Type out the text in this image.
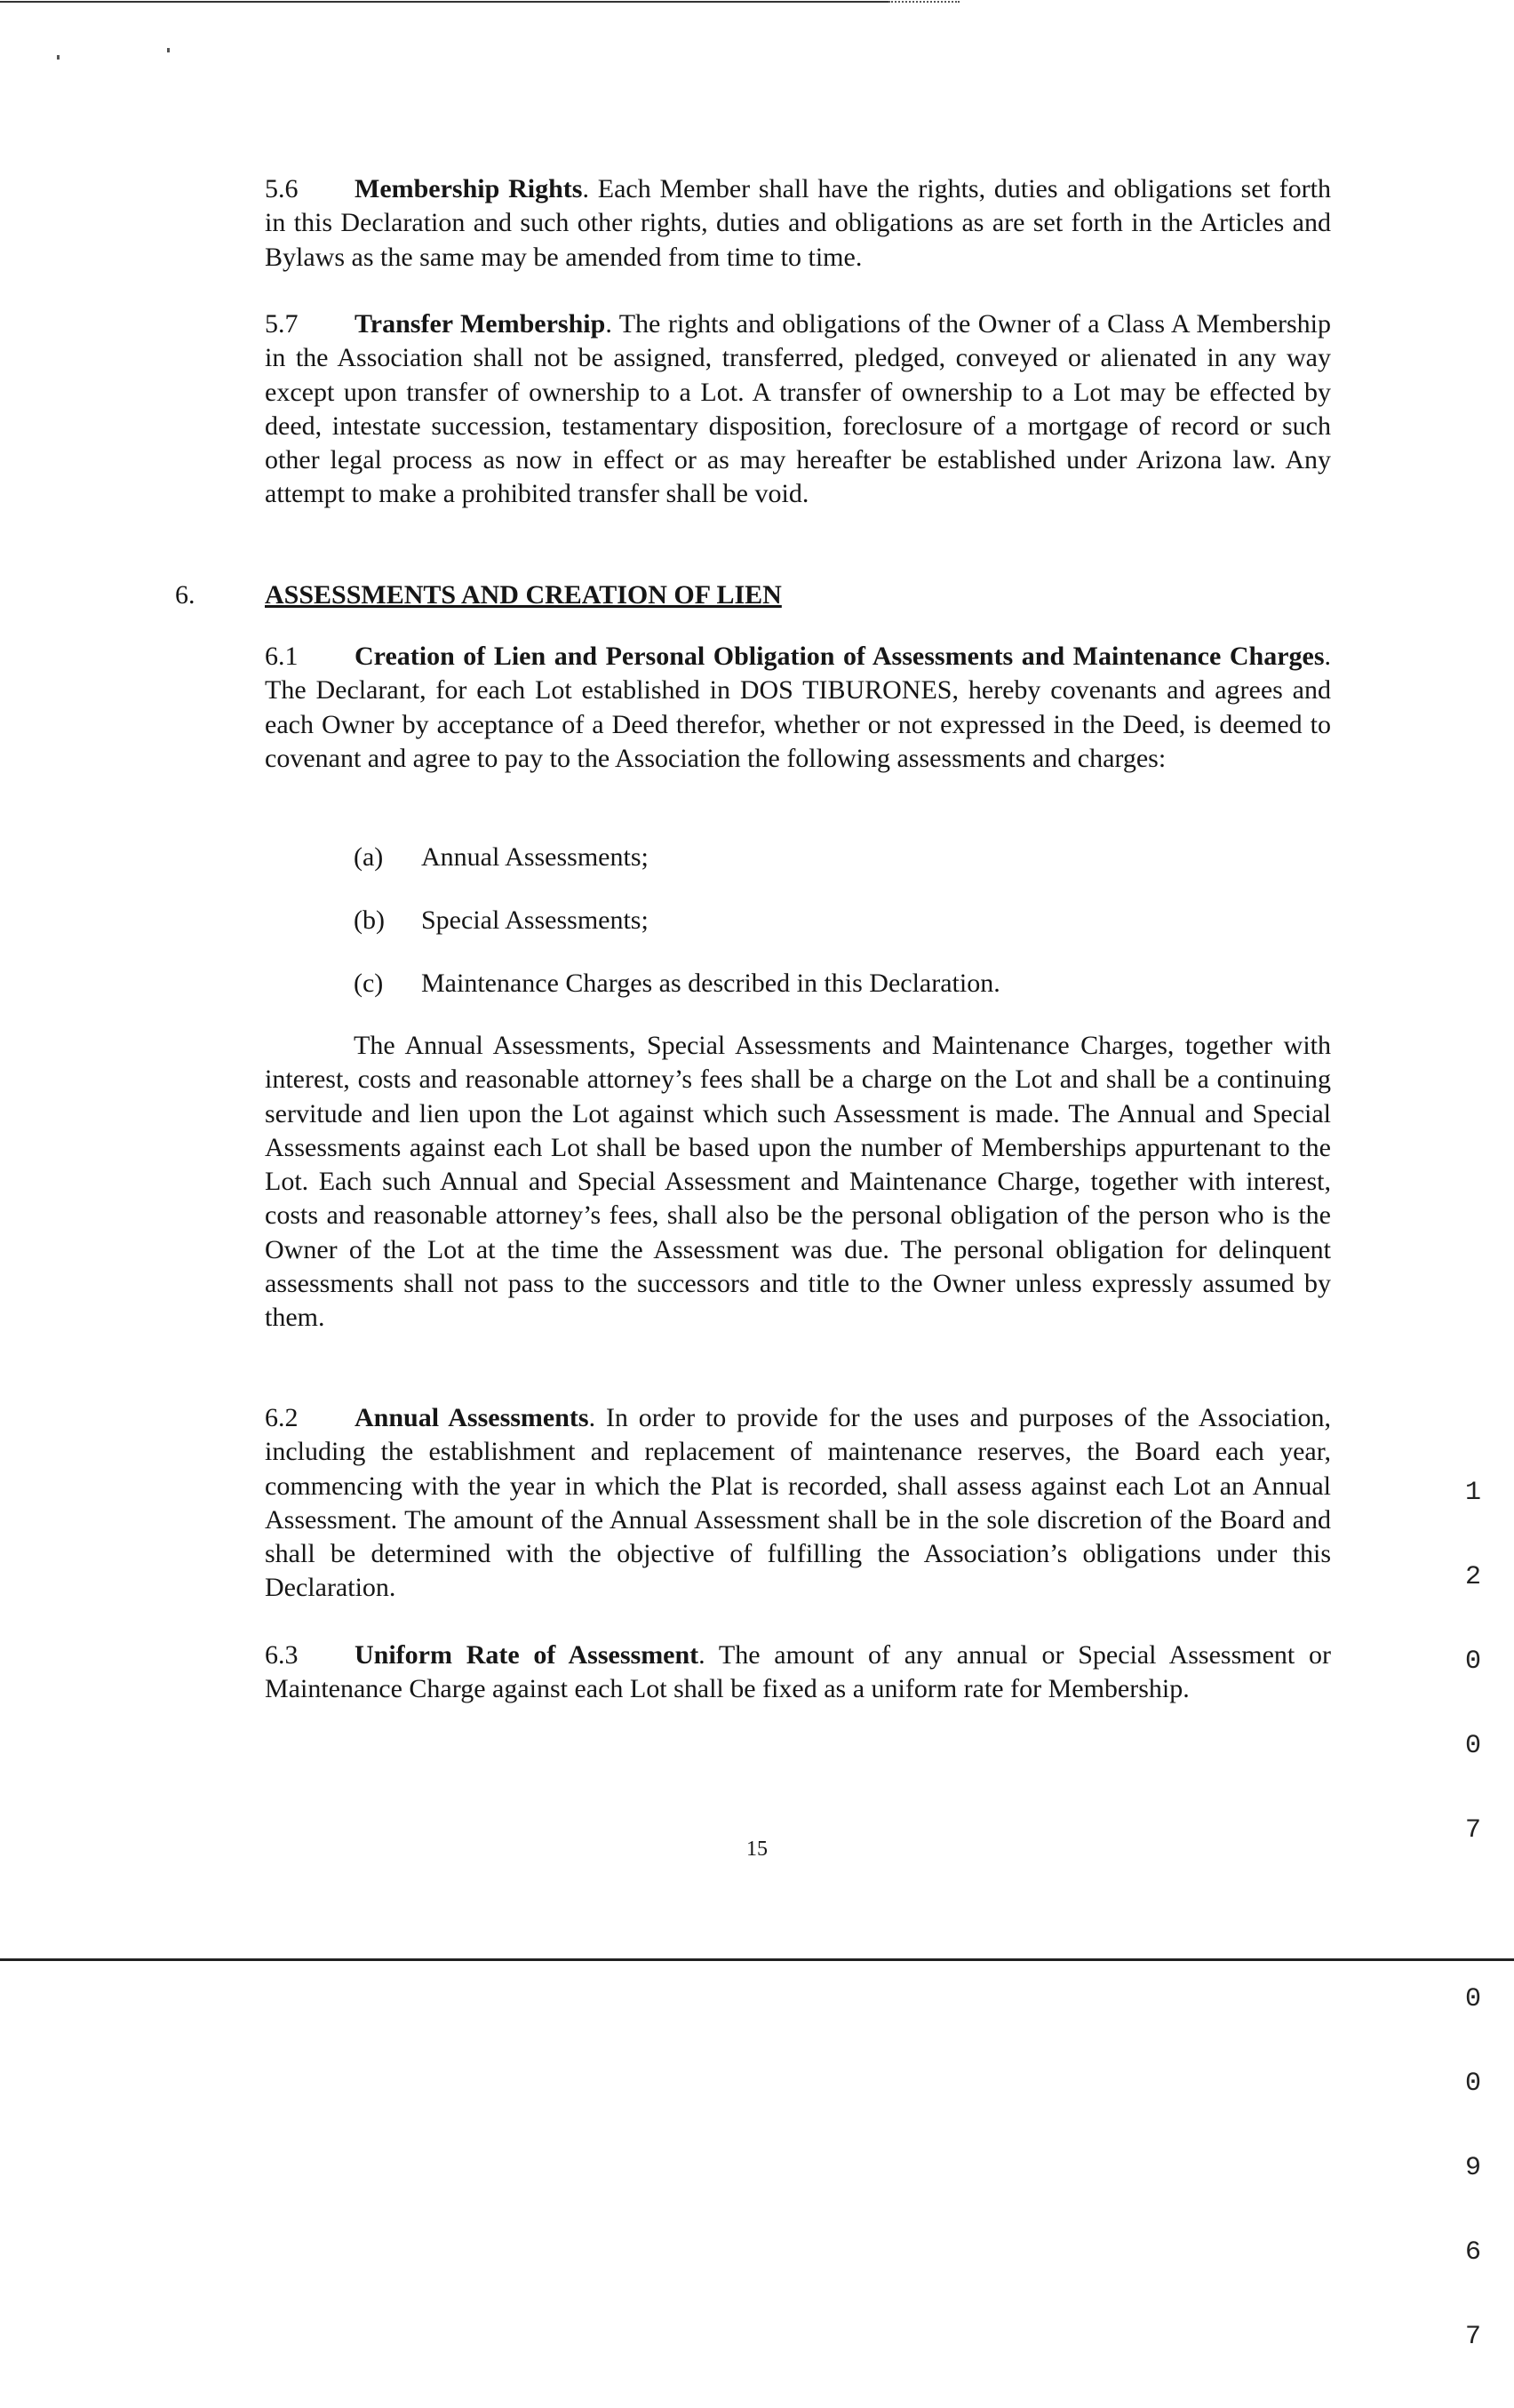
5.6 Membership Rights. Each Member shall have the rights, duties and obligations set forth in this Declaration and such other rights, duties and obligations as are set forth in the Articles and Bylaws as the same may be amended from time to time.

5.7 Transfer Membership. The rights and obligations of the Owner of a Class A Membership in the Association shall not be assigned, transferred, pledged, conveyed or alienated in any way except upon transfer of ownership to a Lot. A transfer of ownership to a Lot may be effected by deed, intestate succession, testamentary disposition, foreclosure of a mortgage of record or such other legal process as now in effect or as may hereafter be established under Arizona law. Any attempt to make a prohibited transfer shall be void.

6.	ASSESSMENTS AND CREATION OF LIEN

6.1 Creation of Lien and Personal Obligation of Assessments and Maintenance Charges. The Declarant, for each Lot established in DOS TIBURONES, hereby covenants and agrees and each Owner by acceptance of a Deed therefor, whether or not expressed in the Deed, is deemed to covenant and agree to pay to the Association the following assessments and charges:

(a) Annual Assessments;
(b) Special Assessments;
(c) Maintenance Charges as described in this Declaration.

The Annual Assessments, Special Assessments and Maintenance Charges, together with interest, costs and reasonable attorney’s fees shall be a charge on the Lot and shall be a continuing servitude and lien upon the Lot against which such Assessment is made. The Annual and Special Assessments against each Lot shall be based upon the number of Memberships appurtenant to the Lot. Each such Annual and Special Assessment and Maintenance Charge, together with interest, costs and reasonable attorney’s fees, shall also be the personal obligation of the person who is the Owner of the Lot at the time the Assessment was due. The personal obligation for delinquent assessments shall not pass to the successors and title to the Owner unless expressly assumed by them.

6.2 Annual Assessments. In order to provide for the uses and purposes of the Association, including the establishment and replacement of maintenance reserves, the Board each year, commencing with the year in which the Plat is recorded, shall assess against each Lot an Annual Assessment. The amount of the Annual Assessment shall be in the sole discretion of the Board and shall be determined with the objective of fulfilling the Association’s obligations under this Declaration.

6.3 Uniform Rate of Assessment. The amount of any annual or Special Assessment or Maintenance Charge against each Lot shall be fixed as a uniform rate for Membership.

1

2

0

0

7

0

0

9

6

7

15
